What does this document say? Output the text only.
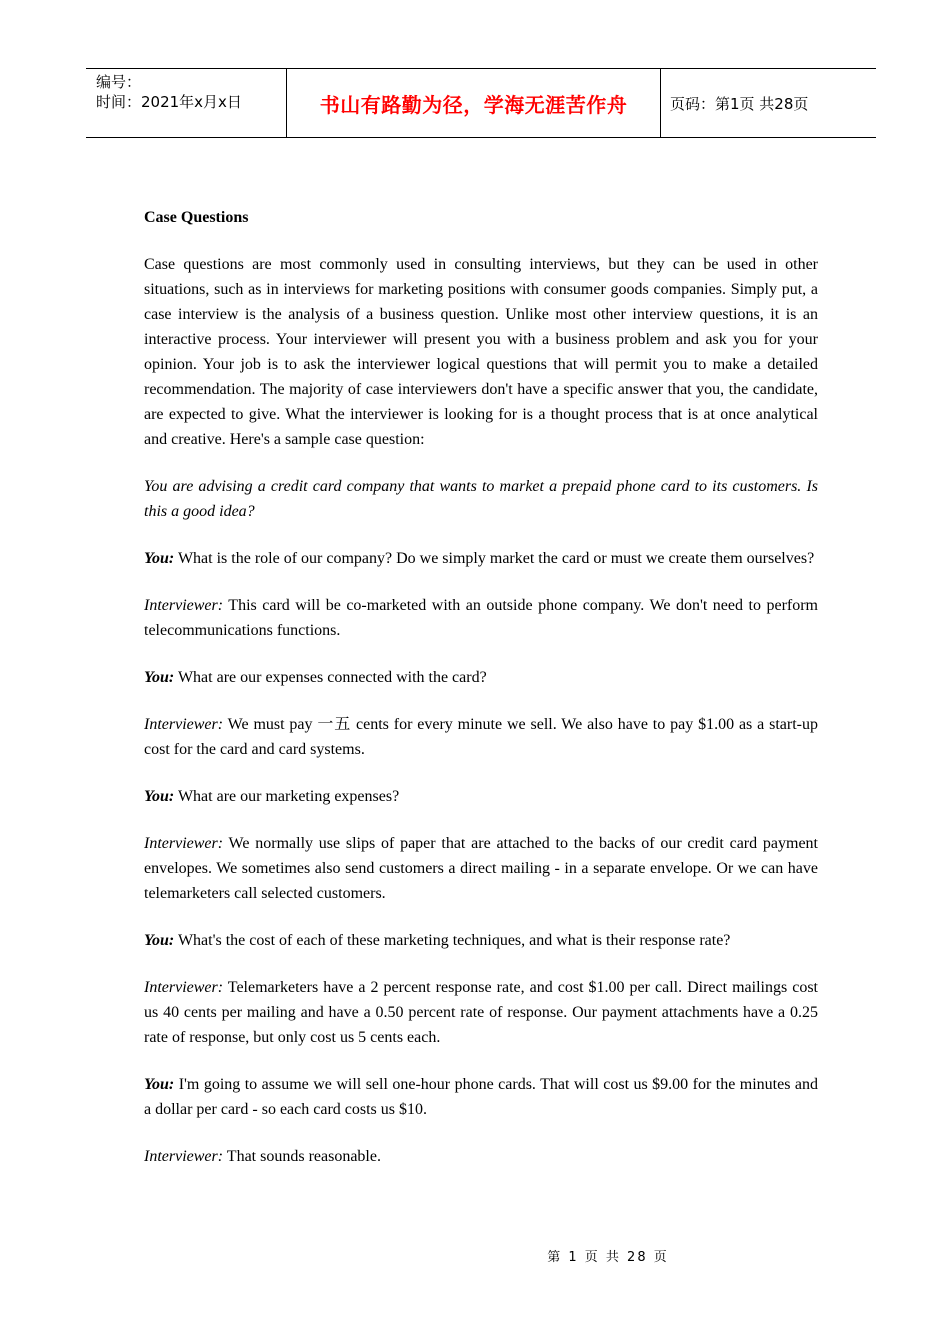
编号：
时间：2021年x月x日	书山有路勤为径，学海无涯苦作舟	页码：第1页 共28页

Case Questions

Case questions are most commonly used in consulting interviews, but they can be used in other situations, such as in interviews for marketing positions with consumer goods companies. Simply put, a case interview is the analysis of a business question. Unlike most other interview questions, it is an interactive process. Your interviewer will present you with a business problem and ask you for your opinion. Your job is to ask the interviewer logical questions that will permit you to make a detailed recommendation. The majority of case interviewers don't have a specific answer that you, the candidate, are expected to give. What the interviewer is looking for is a thought process that is at once analytical and creative. Here's a sample case question:

You are advising a credit card company that wants to market a prepaid phone card to its customers. Is this a good idea?

You: What is the role of our company? Do we simply market the card or must we create them ourselves?

Interviewer: This card will be co-marketed with an outside phone company. We don't need to perform telecommunications functions.

You: What are our expenses connected with the card?

Interviewer: We must pay 一五 cents for every minute we sell. We also have to pay $1.00 as a start-up cost for the card and card systems.

You: What are our marketing expenses?

Interviewer: We normally use slips of paper that are attached to the backs of our credit card payment envelopes. We sometimes also send customers a direct mailing - in a separate envelope. Or we can have telemarketers call selected customers.

You: What's the cost of each of these marketing techniques, and what is their response rate?

Interviewer: Telemarketers have a 2 percent response rate, and cost $1.00 per call. Direct mailings cost us 40 cents per mailing and have a 0.50 percent rate of response. Our payment attachments have a 0.25 rate of response, but only cost us 5 cents each.

You: I'm going to assume we will sell one-hour phone cards. That will cost us $9.00 for the minutes and a dollar per card - so each card costs us $10.

Interviewer: That sounds reasonable.

第 1 页 共 28 页
